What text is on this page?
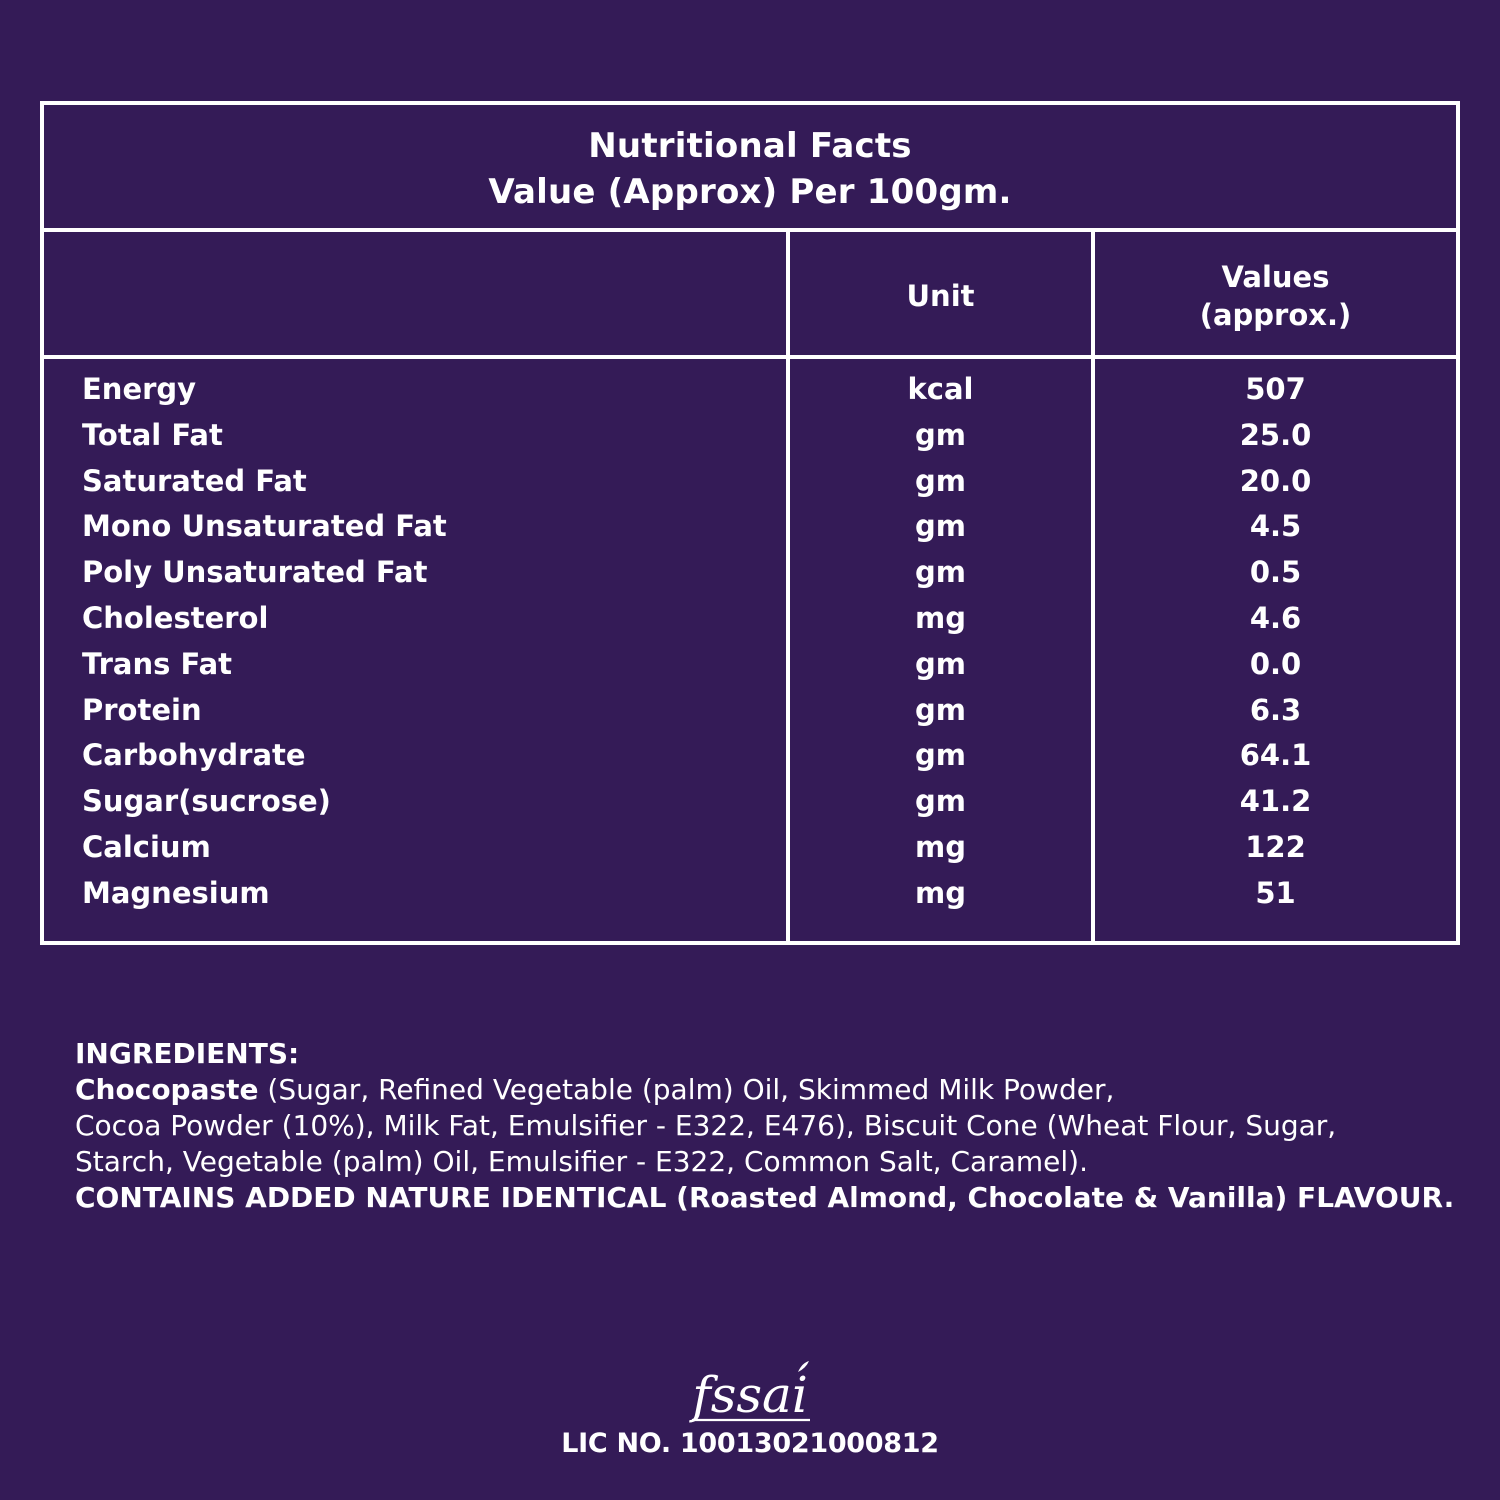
Nutritional Facts
Value (Approx) Per 100gm.
Unit
Values
(approx.)
Energy	kcal	507
Total Fat	gm	25.0
Saturated Fat	gm	20.0
Mono Unsaturated Fat	gm	4.5
Poly Unsaturated Fat	gm	0.5
Cholesterol	mg	4.6
Trans Fat	gm	0.0
Protein	gm	6.3
Carbohydrate	gm	64.1
Sugar(sucrose)	gm	41.2
Calcium	mg	122
Magnesium	mg	51
INGREDIENTS:
Chocopaste (Sugar, Refined Vegetable (palm) Oil, Skimmed Milk Powder,
Cocoa Powder (10%), Milk Fat, Emulsifier - E322, E476), Biscuit Cone (Wheat Flour, Sugar,
Starch, Vegetable (palm) Oil, Emulsifier - E322, Common Salt, Caramel).
CONTAINS ADDED NATURE IDENTICAL (Roasted Almond, Chocolate & Vanilla) FLAVOUR.
fssai
LIC NO. 10013021000812
